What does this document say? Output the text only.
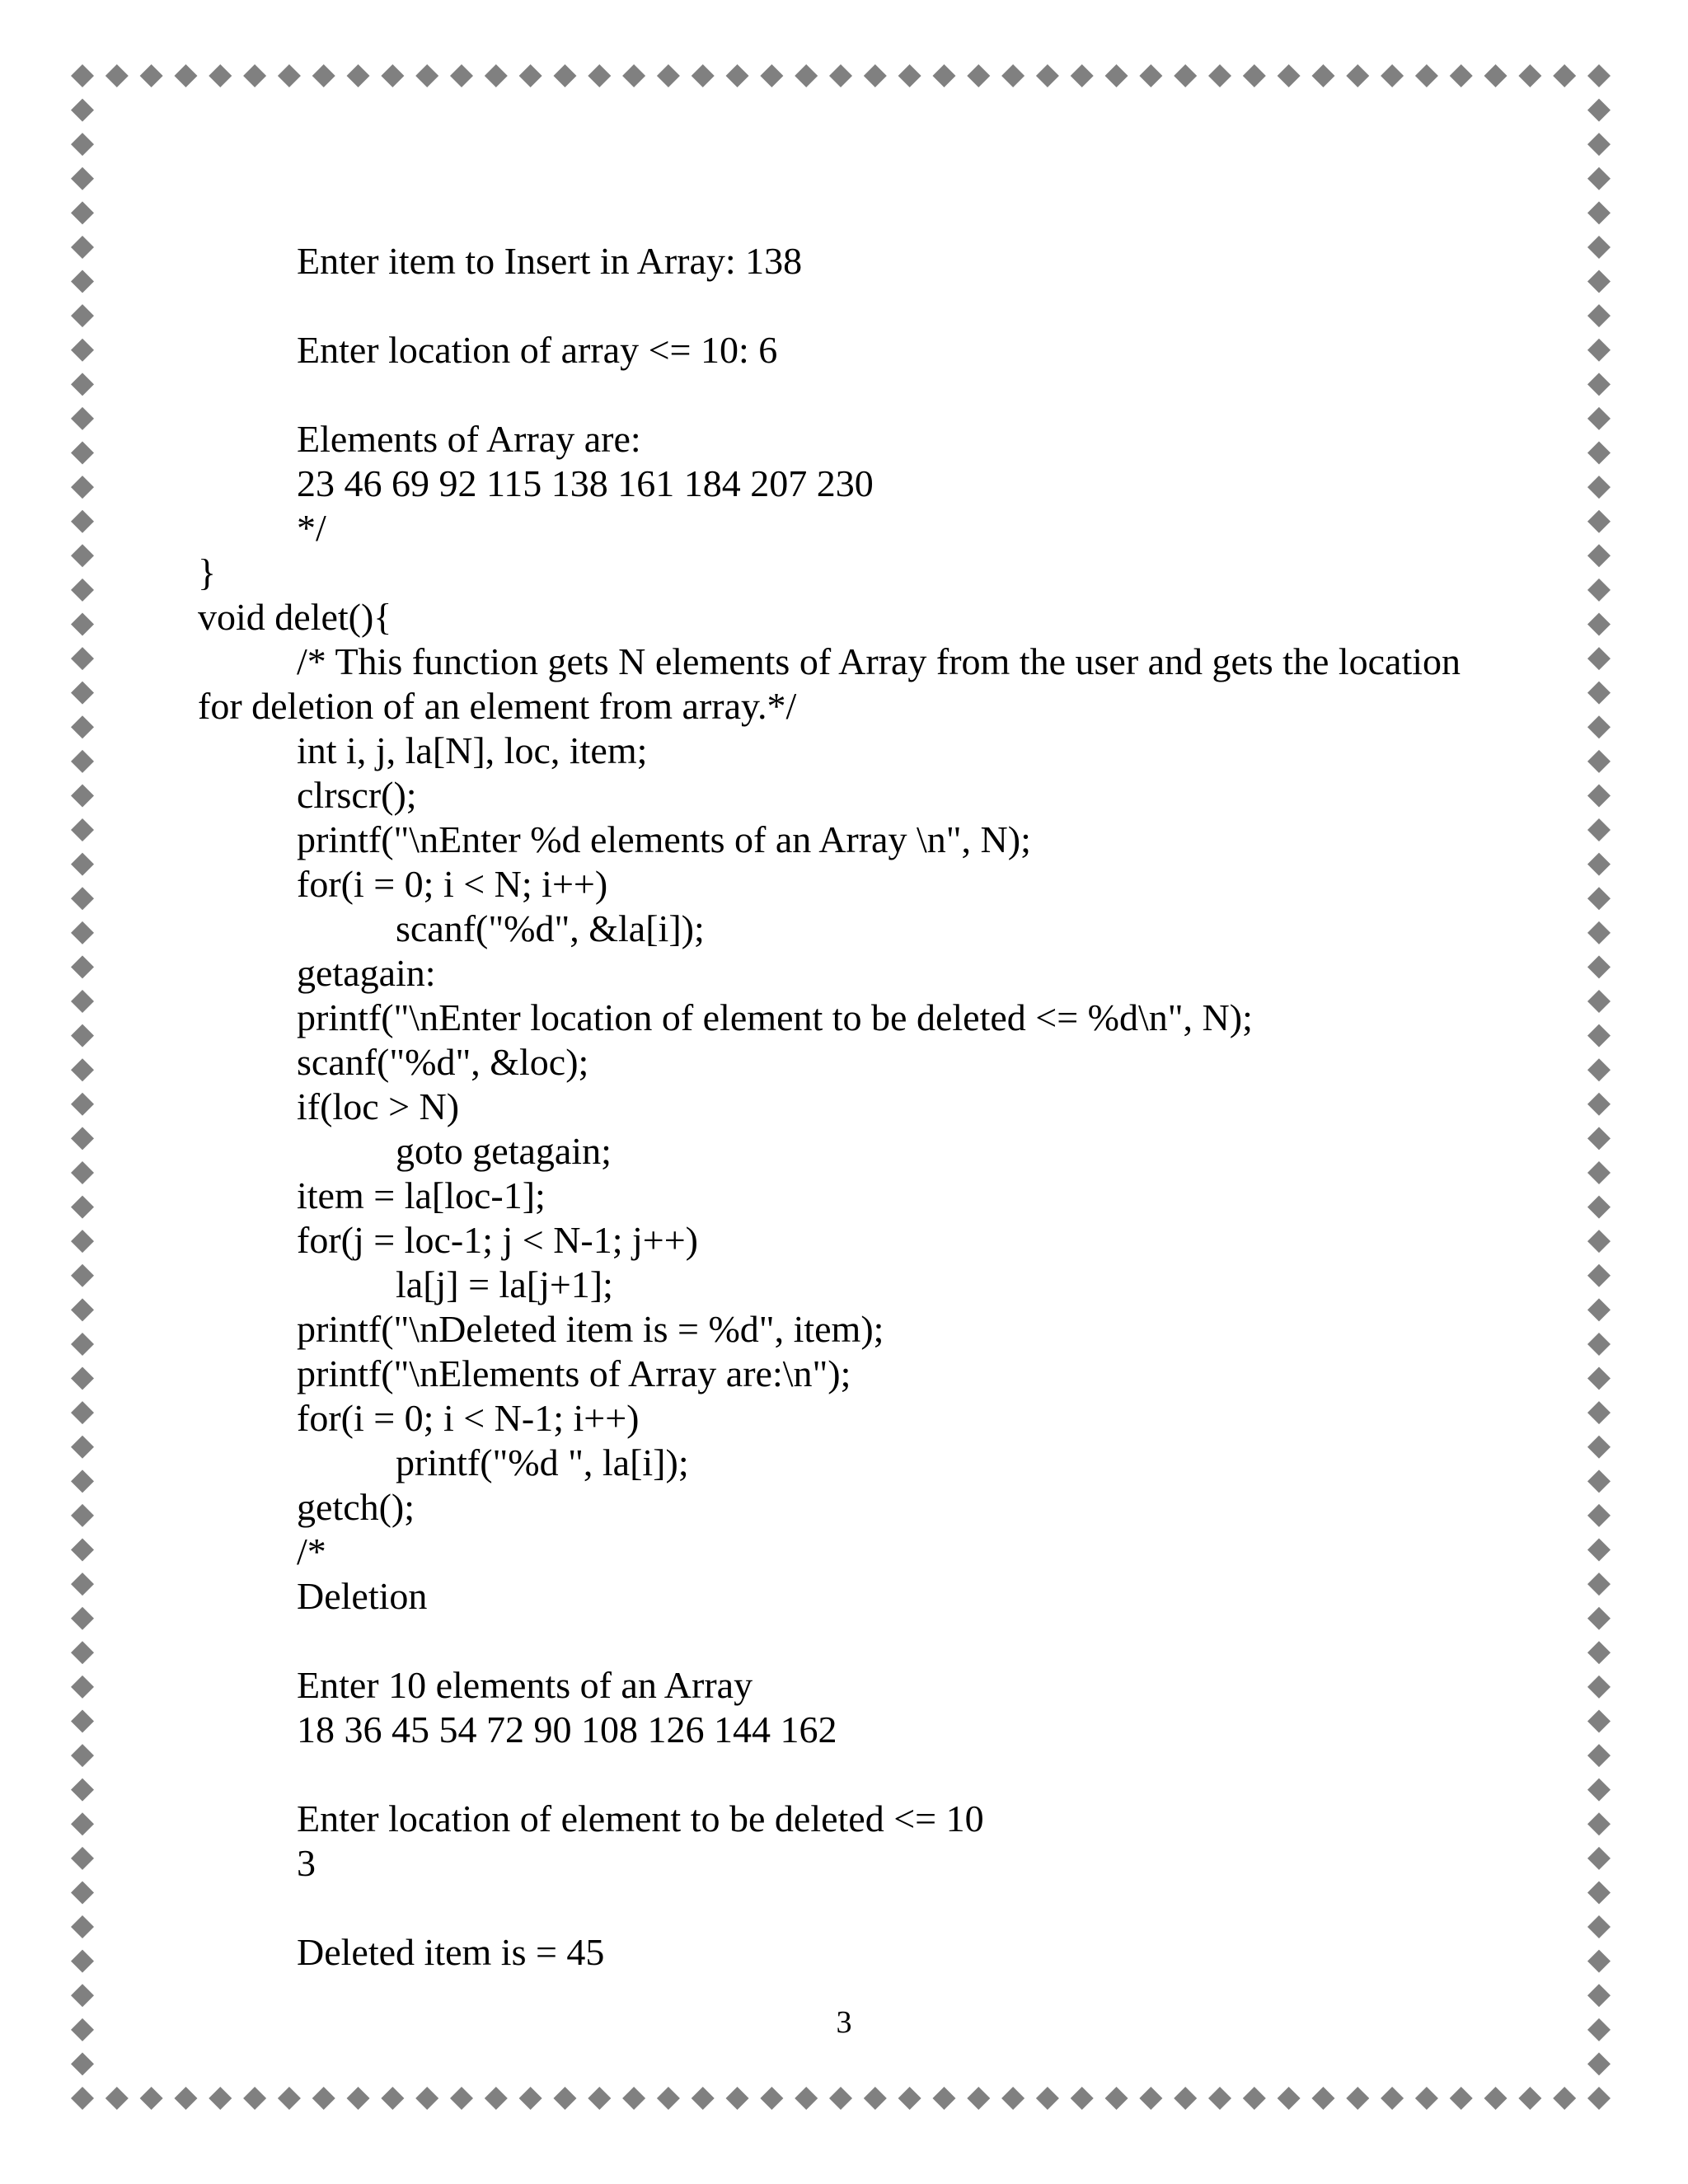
Enter item to Insert in Array: 138
Enter location of array <= 10: 6
Elements of Array are:
23 46 69 92 115 138 161 184 207 230
*/
}
void delet(){
/* This function gets N elements of Array from the user and gets the location
for deletion of an element from array.*/
int i, j, la[N], loc, item;
clrscr();
printf("\nEnter %d elements of an Array \n", N);
for(i = 0; i < N; i++)
scanf("%d", &la[i]);
getagain:
printf("\nEnter location of element to be deleted <= %d\n", N);
scanf("%d", &loc);
if(loc > N)
goto getagain;
item = la[loc-1];
for(j = loc-1; j < N-1; j++)
la[j] = la[j+1];
printf("\nDeleted item is = %d", item);
printf("\nElements of Array are:\n");
for(i = 0; i < N-1; i++)
printf("%d ", la[i]);
getch();
/*
Deletion
Enter 10 elements of an Array
18 36 45 54 72 90 108 126 144 162
Enter location of element to be deleted <= 10
3
Deleted item is = 45
3
